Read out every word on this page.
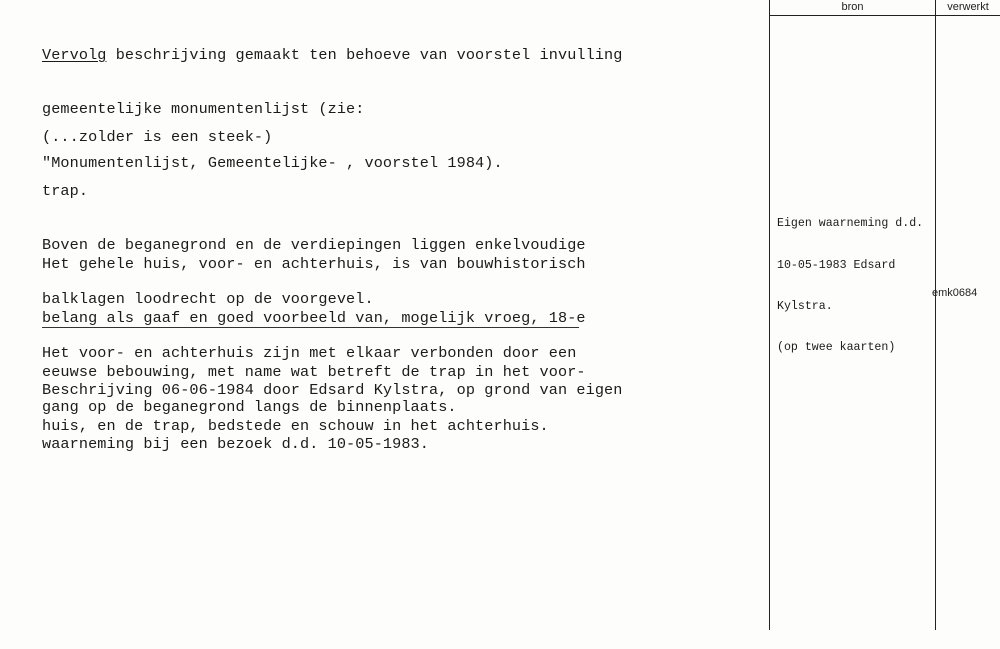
Vervolg beschrijving gemaakt ten behoeve van voorstel invulling

gemeentelijke monumentenlijst (zie:

"Monumentenlijst, Gemeentelijke- , voorstel 1984).

(...zolder is een steek-)

trap.

Boven de beganegrond en de verdiepingen liggen enkelvoudige

balklagen loodrecht op de voorgevel.

Het voor- en achterhuis zijn met elkaar verbonden door een

gang op de beganegrond langs de binnenplaats.

Het gehele huis, voor- en achterhuis, is van bouwhistorisch

belang als gaaf en goed voorbeeld van, mogelijk vroeg, 18-e

eeuwse bebouwing, met name wat betreft de trap in het voor-

huis, en de trap, bedstede en schouw in het achterhuis.

Beschrijving 06-06-1984 door Edsard Kylstra, op grond van eigen

waarneming bij een bezoek d.d. 10-05-1983.

bron	verwerkt

Eigen waarneming d.d.

10-05-1983 Edsard

Kylstra.

(op twee kaarten)

emk0684
